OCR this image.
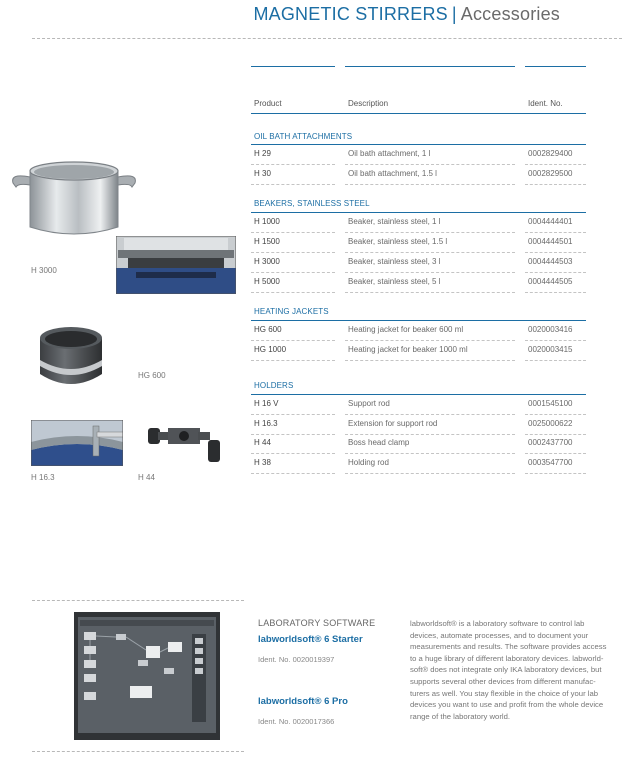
MAGNETIC STIRRERS | Accessories
Product	Description	Ident. No.
OIL BATH ATTACHMENTS
H 29	Oil bath attachment, 1 l	0002829400
H 30	Oil bath attachment, 1.5 l	0002829500
BEAKERS, STAINLESS STEEL
H 1000	Beaker, stainless steel, 1 l	0004444401
H 1500	Beaker, stainless steel, 1.5 l	0004444501
H 3000	Beaker, stainless steel, 3 l	0004444503
H 5000	Beaker, stainless steel, 5 l	0004444505
HEATING JACKETS
HG 600	Heating jacket for beaker 600 ml	0020003416
HG 1000	Heating jacket for beaker 1000 ml	0020003415
HOLDERS
H 16 V	Support rod	0001545100
H 16.3	Extension for support rod	0025000622
H 44	Boss head clamp	0002437700
H 38	Holding rod	0003547700
H 3000
HG 600
H 16.3	H 44
LABORATORY SOFTWARE
labworldsoft® 6 Starter
Ident. No. 0020019397
labworldsoft® 6 Pro
Ident. No. 0020017366
labworldsoft® is a laboratory software to control lab
devices, automate processes, and to document your
measurements and results. The software provides access
to a huge library of different laboratory devices. labworld-
soft® does not integrate only IKA laboratory devices, but
supports several other devices from different manufac-
turers as well. You stay flexible in the choice of your lab
devices you want to use and profit from the whole device
range of the laboratory world.
